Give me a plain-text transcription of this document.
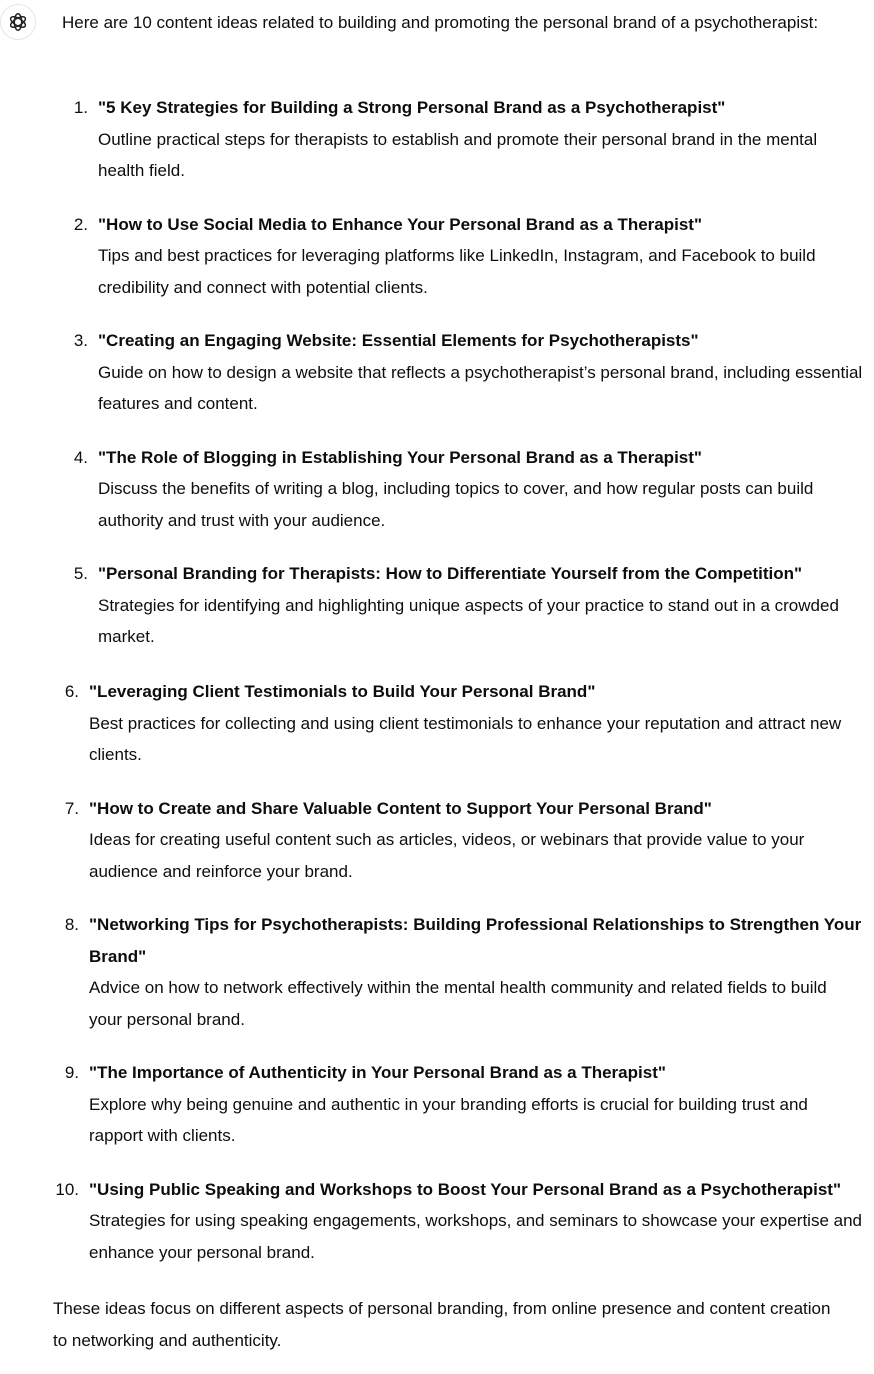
Here are 10 content ideas related to building and promoting the personal brand of a psychotherapist:

1. "5 Key Strategies for Building a Strong Personal Brand as a Psychotherapist"
Outline practical steps for therapists to establish and promote their personal brand in the mental health field.
2. "How to Use Social Media to Enhance Your Personal Brand as a Therapist"
Tips and best practices for leveraging platforms like LinkedIn, Instagram, and Facebook to build credibility and connect with potential clients.
3. "Creating an Engaging Website: Essential Elements for Psychotherapists"
Guide on how to design a website that reflects a psychotherapist’s personal brand, including essential features and content.
4. "The Role of Blogging in Establishing Your Personal Brand as a Therapist"
Discuss the benefits of writing a blog, including topics to cover, and how regular posts can build authority and trust with your audience.
5. "Personal Branding for Therapists: How to Differentiate Yourself from the Competition"
Strategies for identifying and highlighting unique aspects of your practice to stand out in a crowded market.
6. "Leveraging Client Testimonials to Build Your Personal Brand"
Best practices for collecting and using client testimonials to enhance your reputation and attract new clients.
7. "How to Create and Share Valuable Content to Support Your Personal Brand"
Ideas for creating useful content such as articles, videos, or webinars that provide value to your audience and reinforce your brand.
8. "Networking Tips for Psychotherapists: Building Professional Relationships to Strengthen Your Brand"
Advice on how to network effectively within the mental health community and related fields to build your personal brand.
9. "The Importance of Authenticity in Your Personal Brand as a Therapist"
Explore why being genuine and authentic in your branding efforts is crucial for building trust and rapport with clients.
10. "Using Public Speaking and Workshops to Boost Your Personal Brand as a Psychotherapist"
Strategies for using speaking engagements, workshops, and seminars to showcase your expertise and enhance your personal brand.

These ideas focus on different aspects of personal branding, from online presence and content creation to networking and authenticity.
